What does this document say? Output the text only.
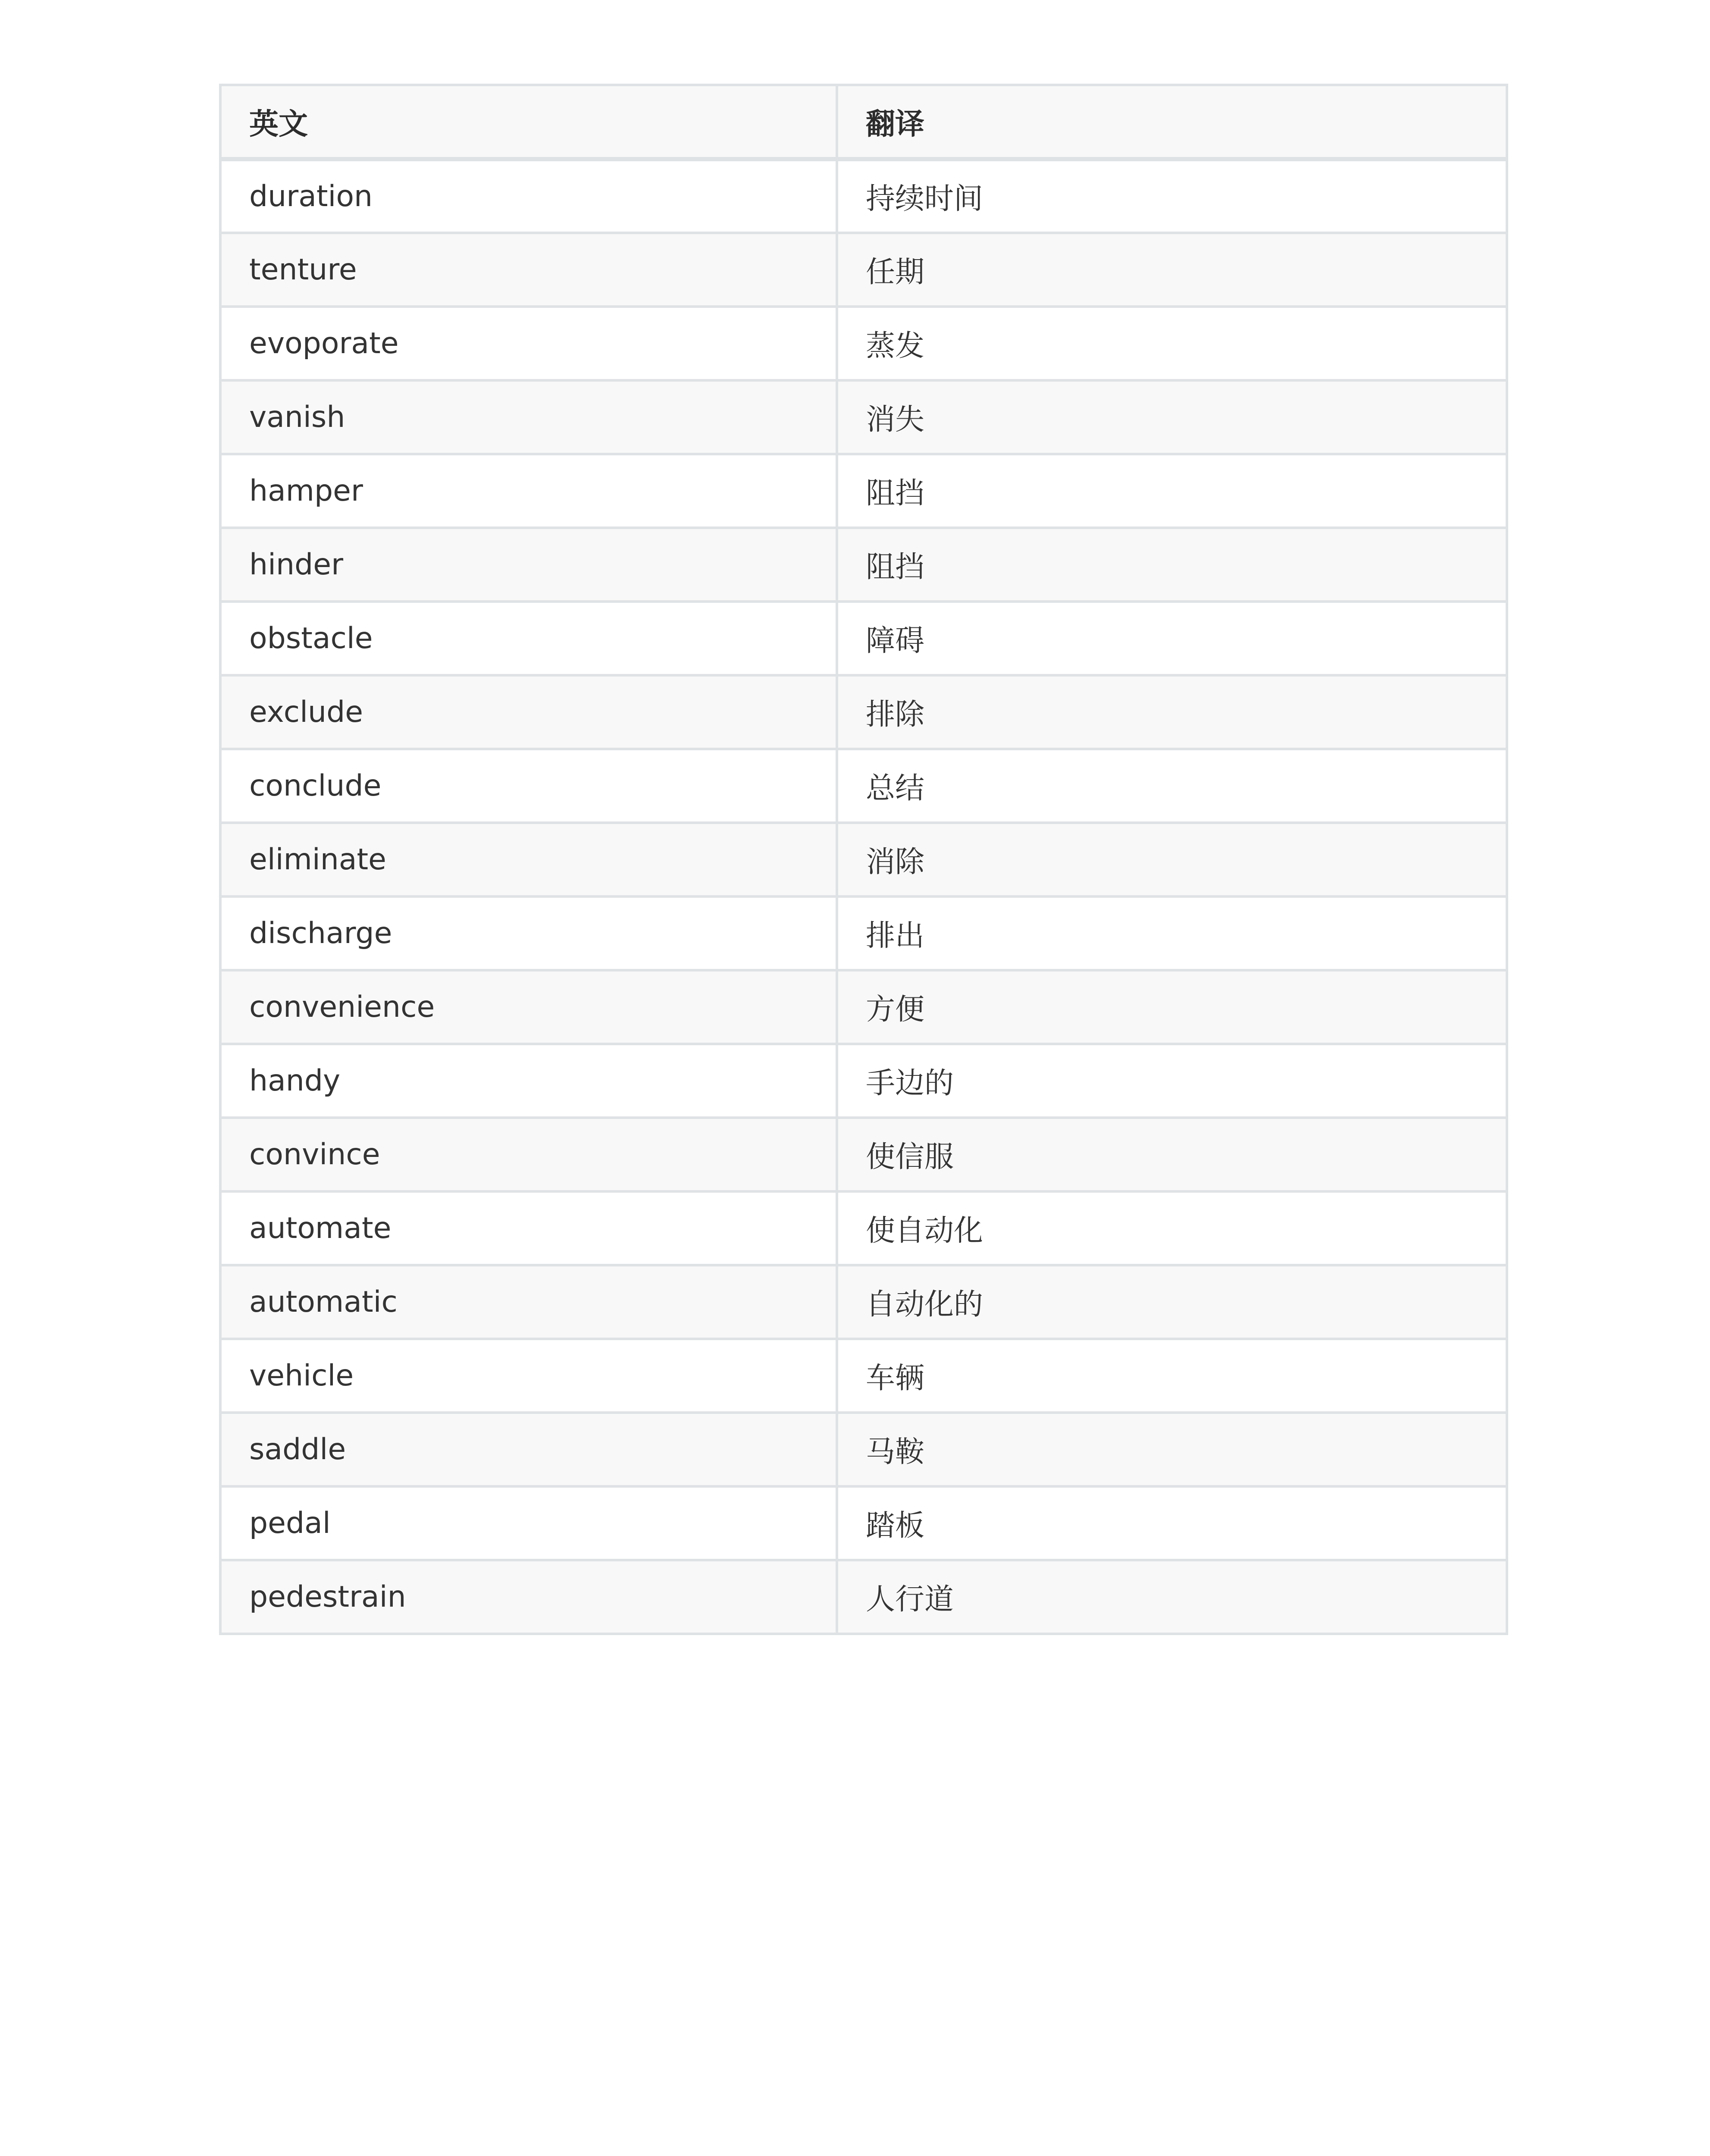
英文	翻译
duration	持续时间
tenture	任期
evoporate	蒸发
vanish	消失
hamper	阻挡
hinder	阻挡
obstacle	障碍
exclude	排除
conclude	总结
eliminate	消除
discharge	排出
convenience	方便
handy	手边的
convince	使信服
automate	使自动化
automatic	自动化的
vehicle	车辆
saddle	马鞍
pedal	踏板
pedestrain	人行道
